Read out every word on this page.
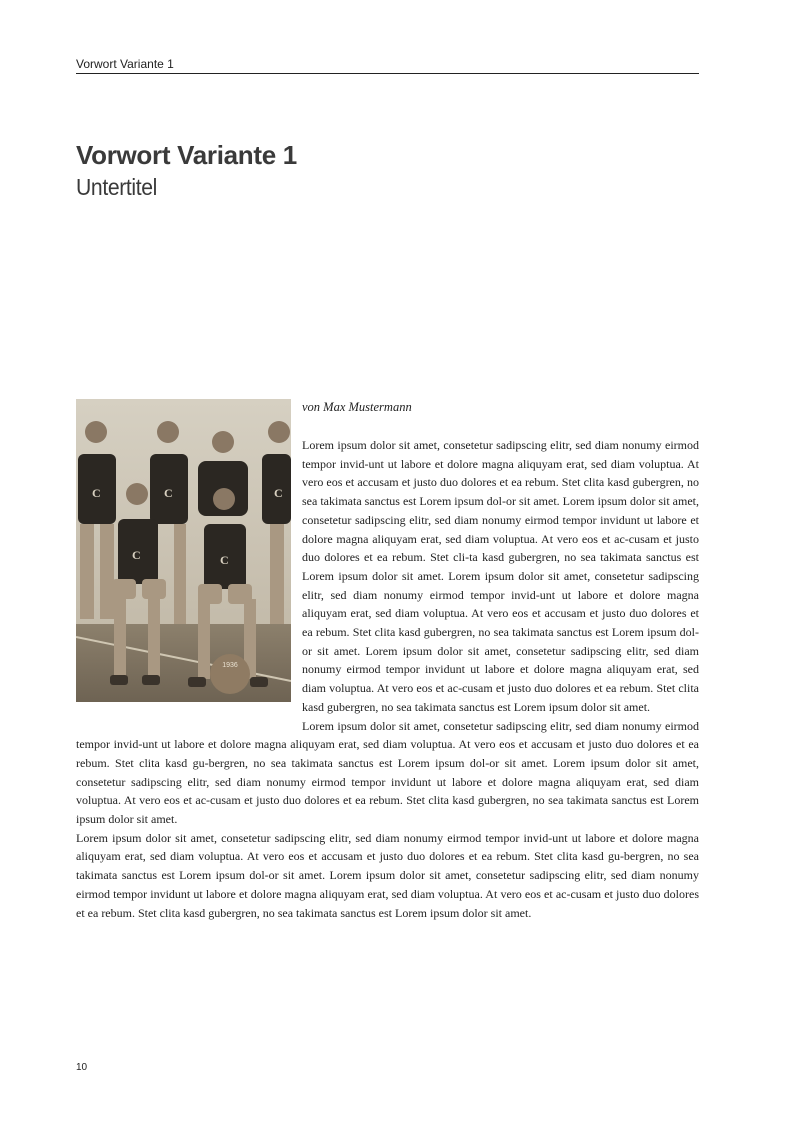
Vorwort Variante 1
Vorwort Variante 1
Untertitel
C	C	C
C	C
1936
von Max Mustermann

Lorem ipsum dolor sit amet, consetetur sadipscing elitr, sed diam nonumy eirmod tempor invid-unt ut labore et dolore magna aliquyam erat, sed diam voluptua. At vero eos et accusam et justo duo dolores et ea rebum. Stet clita kasd gubergren, no sea takimata sanctus est Lorem ipsum dol-or sit amet. Lorem ipsum dolor sit amet, consetetur sadipscing elitr, sed diam nonumy eirmod tempor invidunt ut labore et dolore magna aliquyam erat, sed diam voluptua. At vero eos et ac-cusam et justo duo dolores et ea rebum. Stet cli-ta kasd gubergren, no sea takimata sanctus est Lorem ipsum dolor sit amet. Lorem ipsum dolor sit amet, consetetur sadipscing elitr, sed diam nonumy eirmod tempor invid-unt ut labore et dolore magna aliquyam erat, sed diam voluptua. At vero eos et accusam et justo duo dolores et ea rebum. Stet clita kasd gubergren, no sea takimata sanctus est Lorem ipsum dol-or sit amet. Lorem ipsum dolor sit amet, consetetur sadipscing elitr, sed diam nonumy eirmod tempor invidunt ut labore et dolore magna aliquyam erat, sed diam voluptua. At vero eos et ac-cusam et justo duo dolores et ea rebum. Stet clita kasd gubergren, no sea takimata sanctus est Lorem ipsum dolor sit amet.

Lorem ipsum dolor sit amet, consetetur sadipscing elitr, sed diam nonumy eirmod tempor invid-unt ut labore et dolore magna aliquyam erat, sed diam voluptua. At vero eos et accusam et justo duo dolores et ea rebum. Stet clita kasd gu-bergren, no sea takimata sanctus est Lorem ipsum dol-or sit amet. Lorem ipsum dolor sit amet, consetetur sadipscing elitr, sed diam nonumy eirmod tempor invidunt ut labore et dolore magna aliquyam erat, sed diam voluptua. At vero eos et ac-cusam et justo duo dolores et ea rebum. Stet clita kasd gubergren, no sea takimata sanctus est Lorem ipsum dolor sit amet.

Lorem ipsum dolor sit amet, consetetur sadipscing elitr, sed diam nonumy eirmod tempor invid-unt ut labore et dolore magna aliquyam erat, sed diam voluptua. At vero eos et accusam et justo duo dolores et ea rebum. Stet clita kasd gu-bergren, no sea takimata sanctus est Lorem ipsum dol-or sit amet. Lorem ipsum dolor sit amet, consetetur sadipscing elitr, sed diam nonumy eirmod tempor invidunt ut labore et dolore magna aliquyam erat, sed diam voluptua. At vero eos et ac-cusam et justo duo dolores et ea rebum. Stet clita kasd gubergren, no sea takimata sanctus est Lorem ipsum dolor sit amet.

10
